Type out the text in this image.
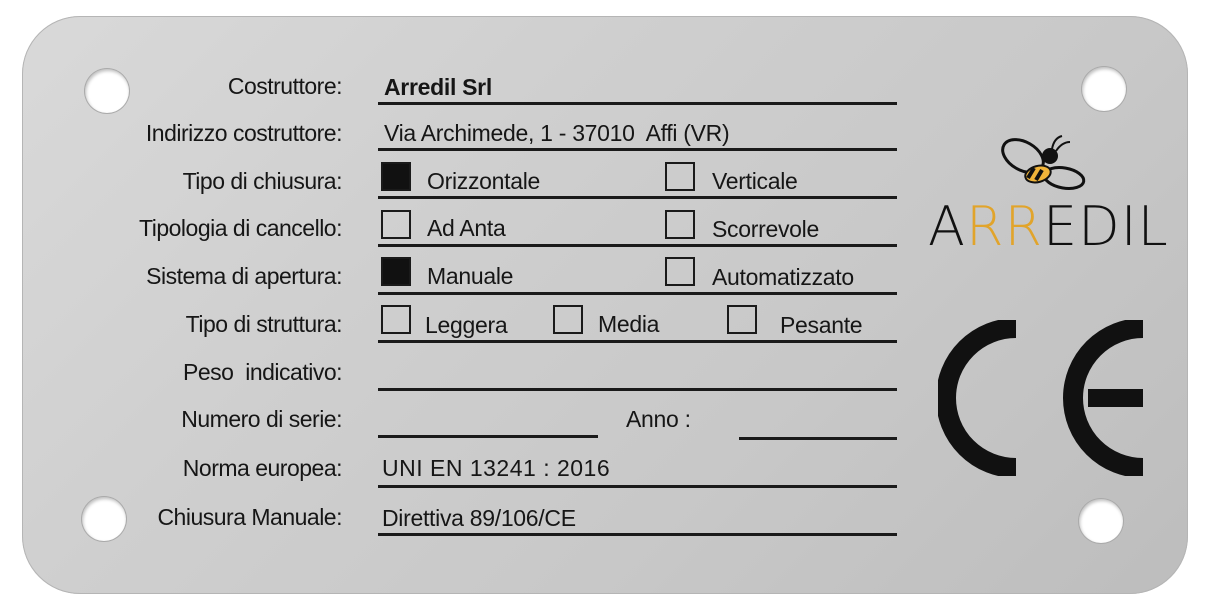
Costruttore: Arredil Srl
Indirizzo costruttore: Via Archimede, 1 - 37010  Affi (VR)
Tipo di chiusura:	Orizzontale	Verticale
Tipologia di cancello:	Ad Anta	Scorrevole
Sistema di apertura:	Manuale	Automatizzato
Tipo di struttura:	Leggera	Media	Pesante
Peso  indicativo:
Numero di serie:	Anno :
Norma europea: UNI EN 13241 : 2016
Chiusura Manuale: Direttiva 89/106/CE
ARREDIL
